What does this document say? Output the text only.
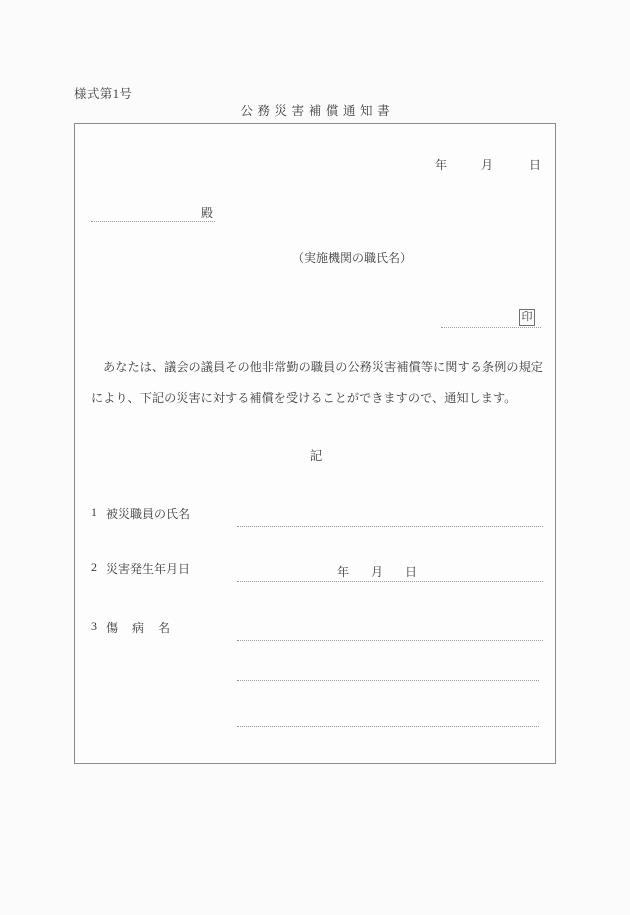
様式第1号
公務災害補償通知書
年	月	日
殿
（実施機関の職氏名）
印
あなたは、議会の議員その他非常勤の職員の公務災害補償等に関する条例の規定により、下記の災害に対する補償を受けることができますので、通知します。
記
1 被災職員の氏名
2 災害発生年月日	年 月 日
3 傷病名
